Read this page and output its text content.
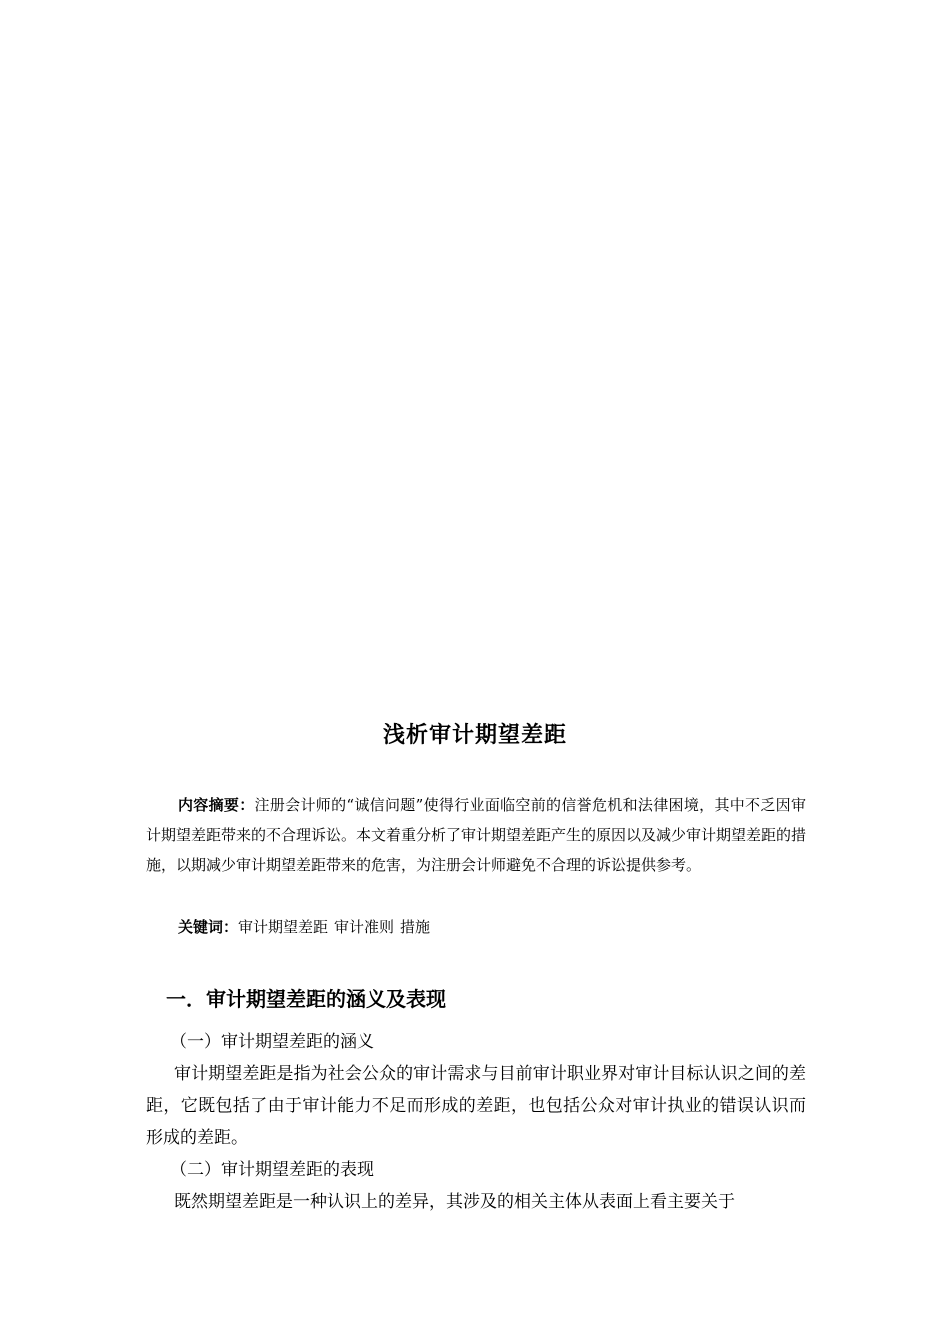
浅析审计期望差距
内容摘要：注册会计师的“诚信问题”使得行业面临空前的信誉危机和法律困境，其中不乏因审计期望差距带来的不合理诉讼。本文着重分析了审计期望差距产生的原因以及减少审计期望差距的措施，以期减少审计期望差距带来的危害，为注册会计师避免不合理的诉讼提供参考。
关键词：审计期望差距 审计准则 措施
一．审计期望差距的涵义及表现
（一）审计期望差距的涵义

审计期望差距是指为社会公众的审计需求与目前审计职业界对审计目标认识之间的差距，它既包括了由于审计能力不足而形成的差距，也包括公众对审计执业的错误认识而形成的差距。

（二）审计期望差距的表现

既然期望差距是一种认识上的差异，其涉及的相关主体从表面上看主要关于
